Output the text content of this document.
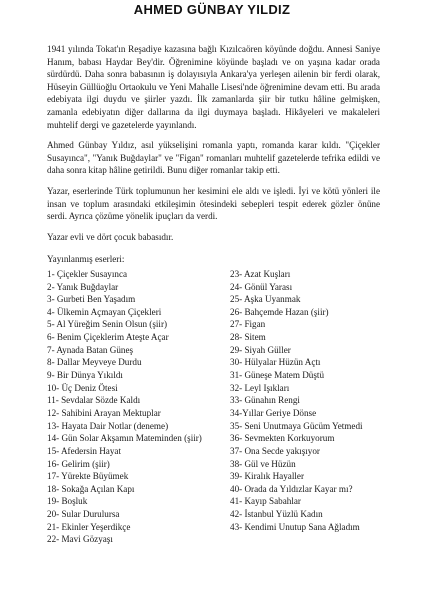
AHMED GÜNBAY YILDIZ

1941 yılında Tokat'ın Reşadiye kazasına bağlı Kızılcaören köyünde doğdu. Annesi Saniye Hanım, babası Haydar Bey'dir. Öğrenimine köyünde başladı ve on yaşına kadar orada sürdürdü. Daha sonra babasının iş dolayısıyla Ankara'ya yerleşen ailenin bir ferdi olarak, Hüseyin Güllüoğlu Ortaokulu ve Yeni Mahalle Lisesi'nde öğrenimine devam etti. Bu arada edebiyata ilgi duydu ve şiirler yazdı. İlk zamanlarda şiir bir tutku hâline gelmişken, zamanla edebiyatın diğer dallarına da ilgi duymaya başladı. Hikâyeleri ve makaleleri muhtelif dergi ve gazetelerde yayınlandı.

Ahmed Günbay Yıldız, asıl yükselişini romanla yaptı, romanda karar kıldı. "Çiçekler Susayınca", "Yanık Buğdaylar" ve "Figan" romanları muhtelif gazetelerde tefrika edildi ve daha sonra kitap hâline getirildi. Bunu diğer romanlar takip etti.

Yazar, eserlerinde Türk toplumunun her kesimini ele aldı ve işledi. İyi ve kötü yönleri ile insan ve toplum arasındaki etkileşimin ötesindeki sebepleri tespit ederek gözler önüne serdi. Ayrıca çözüme yönelik ipuçları da verdi.

Yazar evli ve dört çocuk babasıdır.

Yayınlanmış eserleri:
1- Çiçekler Susayınca
2- Yanık Buğdaylar
3- Gurbeti Ben Yaşadım
4- Ülkemin Açmayan Çiçekleri
5- Al Yüreğim Senin Olsun (şiir)
6- Benim Çiçeklerim Ateşte Açar
7- Aynada Batan Güneş
8- Dallar Meyveye Durdu
9- Bir Dünya Yıkıldı
10- Üç Deniz Ötesi
11- Sevdalar Sözde Kaldı
12- Sahibini Arayan Mektuplar
13- Hayata Dair Notlar (deneme)
14- Gün Solar Akşamın Mateminden (şiir)
15- Afedersin Hayat
16- Gelirim (şiir)
17- Yürekte Büyümek
18- Sokağa Açılan Kapı
19- Boşluk
20- Sular Durulursa
21- Ekinler Yeşerdikçe
22- Mavi Gözyaşı
23- Azat Kuşları
24- Gönül Yarası
25- Aşka Uyanmak
26- Bahçemde Hazan (şiir)
27- Figan
28- Sitem
29- Siyah Güller
30- Hülyalar Hüzün Açtı
31- Güneşe Matem Düştü
32- Leyl Işıkları
33- Günahın Rengi
34-Yıllar Geriye Dönse
35- Seni Unutmaya Gücüm Yetmedi
36- Sevmekten Korkuyorum
37- Ona Secde yakışıyor
38- Gül ve Hüzün
39- Kiralık Hayaller
40- Orada da Yıldızlar Kayar mı?
41- Kayıp Sabahlar
42- İstanbul Yüzlü Kadın
43- Kendimi Unutup Sana Ağladım
